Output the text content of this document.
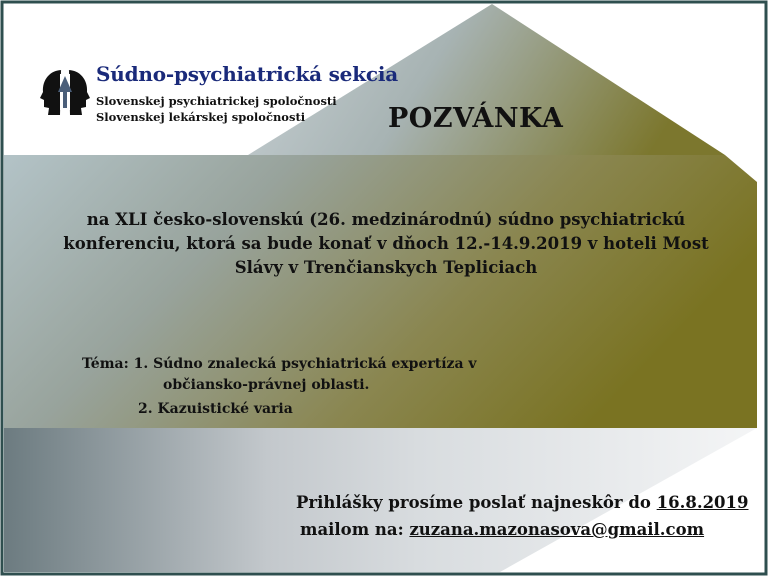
Súdno-psychiatrická sekcia
Slovenskej psychiatrickej spoločnosti
Slovenskej lekárskej spoločnosti	POZVÁNKA
na XLI česko-slovenskú (26. medzinárodnú) súdno psychiatrickú konferenciu, ktorá sa bude konať v dňoch 12.-14.9.2019 v hoteli Most Slávy v Trenčianskych Tepliciach
Téma: 1. Súdno znalecká psychiatrická expertíza v
občiansko-právnej oblasti.
2. Kazuistické varia
Prihlášky prosíme poslať najneskôr do 16.8.2019
mailom na: zuzana.mazonasova@gmail.com
